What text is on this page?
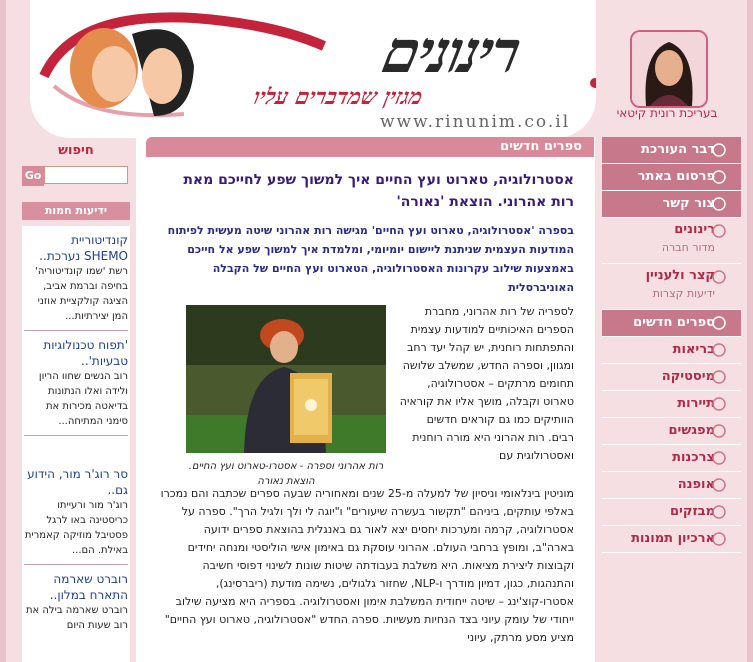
רינונים
מגזין שמדברים עליו
www.rinunim.co.il	בעריכת רונית קיטאי
דבר העורכת
פרסום באתר
צור קשר
רינונים
מדור חברה
קצר ולעניין
ידיעות קצרות
ספרים חדשים
בריאות
מיסטיקה
תיירות
מפגשים
צרכנות
אופנה
מבזקים
ארכיון תמונות
חיפוש
Go
ידיעות חמות
קונדיטוריית SHEMO נערכת..
רשת 'שמו קונדיטוריה' בחיפה וברמת אביב, הציגה קולקציית אוזני המן יצירתיות...
'תפוח טכנולוגיות טבעיות'..
רוב הנשים שחוו הריון ולידה ואלו הנתונות בדיאטה מכירות את סימני המתיחה...
סר רוג'ר מור, הידוע גם..
רוג'ר מור ורעייתו כריסטינה באו לרגל פסטיבל מוזיקה קאמרית באילת. הם...
רוברט שארמה התארח במלון..
רוברט שארמה בילה את רוב שעות היום
ספרים חדשים
אסטרולוגיה, טארוט ועץ החיים איך למשוך שפע לחייכם מאת רות אהרוני. הוצאת 'נאורה'
בספרה 'אסטרולוגיה, טארוט ועץ החיים' מגישה רות אהרוני שיטה מעשית לפיתוח המודעות העצמית שניתנת ליישום יומיומי, ומלמדת איך למשוך שפע אל חייכם באמצעות שילוב עקרונות האסטרולוגיה, הטארוט ועץ החיים של הקבלה האוניברסלית
רות אהרוני וספרה - אסטרו-טארוט ועץ החיים. הוצאת נאורה
לספריה של רות אהרוני, מחברת הספרים האיכותיים למודעות עצמית והתפתחות רוחנית, יש קהל יעד רחב ומגוון, וספרה החדש, שמשלב שלושה תחומים מרתקים – אסטרולוגיה, טארוט וקבלה, מושך אליו את קוראיה הוותיקים כמו גם קוראים חדשים רבים. רות אהרוני היא מורה רוחנית ואסטרולוגית עם
מוניטין בינלאומי וניסיון של למעלה מ-25 שנים ומאחוריה שבעה ספרים שכתבה והם נמכרו באלפי עותקים, ביניהם "תקשור בעשרה שיעורים" ו"יוגה לי ולך ולגיל הרך". ספרה על אסטרולוגיה, קרמה ומערכות יחסים יצא לאור גם באנגלית בהוצאת ספרים ידועה בארה"ב, ומופץ ברחבי העולם. אהרוני עוסקת גם באימון אישי הוליסטי ומנחה יחידים וקבוצות ליצירת מציאות. היא משלבת בעבודתה שיטות שונות לשינוי דפוסי חשיבה והתנהגות, כגון, דמיון מודרך ו-NLP, שחזור גלגולים, נשימה מודעת (ריברסינג), אסטרו-קוצ'ינג – שיטה ייחודית המשלבת אימון ואסטרולוגיה. בספריה היא מציעה שילוב ייחודי של עומק עיוני בצד הנחיות מעשיות. ספרה החדש "אסטרולוגיה, טארוט ועץ החיים" מציע מסע מרתק, עיוני
